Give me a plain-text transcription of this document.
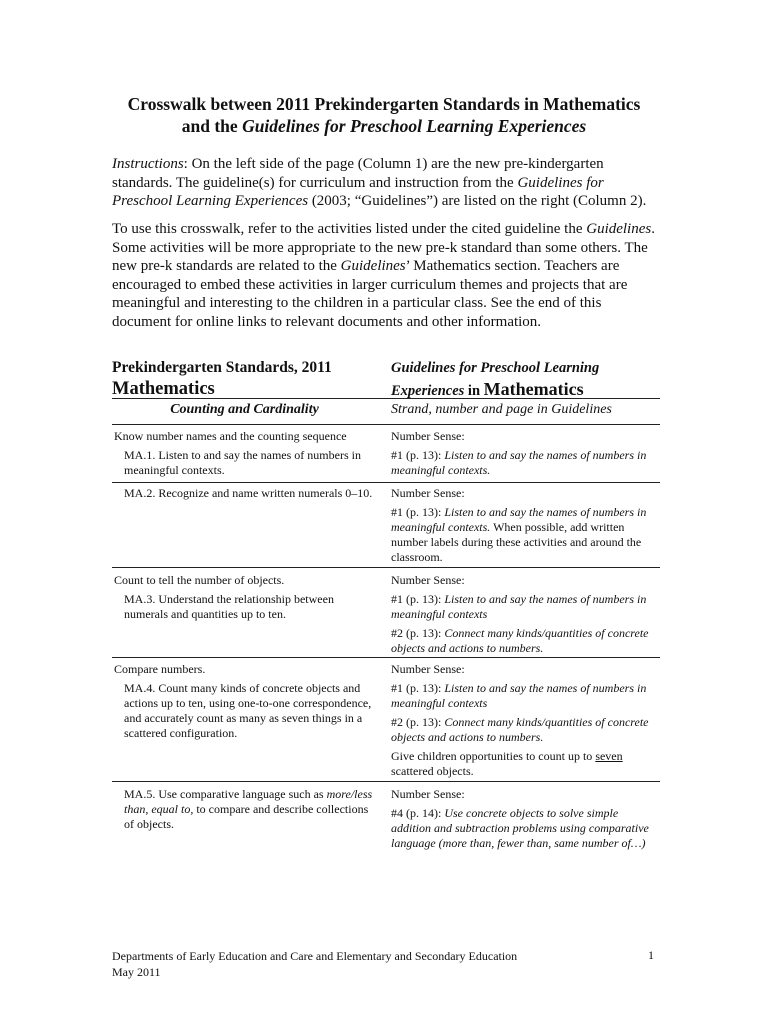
Crosswalk between 2011 Prekindergarten Standards in Mathematics
and the Guidelines for Preschool Learning Experiences
Instructions: On the left side of the page (Column 1) are the new pre-kindergarten standards. The guideline(s) for curriculum and instruction from the Guidelines for Preschool Learning Experiences (2003; “Guidelines”) are listed on the right (Column 2).
To use this crosswalk, refer to the activities listed under the cited guideline the Guidelines. Some activities will be more appropriate to the new pre-k standard than some others. The new pre-k standards are related to the Guidelines’ Mathematics section. Teachers are encouraged to embed these activities in larger curriculum themes and projects that are meaningful and interesting to the children in a particular class. See the end of this document for online links to relevant documents and other information.
Prekindergarten Standards, 2011
Mathematics
Guidelines for Preschool Learning
Experiences in Mathematics
Counting and Cardinality	Strand, number and page in Guidelines
Know number names and the counting sequence
MA.1. Listen to and say the names of numbers in meaningful contexts.
Number Sense:
#1 (p. 13): Listen to and say the names of numbers in meaningful contexts.
MA.2. Recognize and name written numerals 0–10.	Number Sense:
#1 (p. 13): Listen to and say the names of numbers in meaningful contexts. When possible, add written number labels during these activities and around the classroom.
Count to tell the number of objects.
MA.3. Understand the relationship between numerals and quantities up to ten.
Number Sense:
#1 (p. 13): Listen to and say the names of numbers in meaningful contexts
#2 (p. 13): Connect many kinds/quantities of concrete objects and actions to numbers.
Compare numbers.
MA.4. Count many kinds of concrete objects and actions up to ten, using one-to-one correspondence, and accurately count as many as seven things in a scattered configuration.
Number Sense:
#1 (p. 13): Listen to and say the names of numbers in meaningful contexts
#2 (p. 13): Connect many kinds/quantities of concrete objects and actions to numbers.
Give children opportunities to count up to seven scattered objects.
MA.5. Use comparative language such as more/less than, equal to, to compare and describe collections of objects.
Number Sense:
#4 (p. 14): Use concrete objects to solve simple addition and subtraction problems using comparative language (more than, fewer than, same number of…)
Departments of Early Education and Care and Elementary and Secondary Education
May 2011
1
